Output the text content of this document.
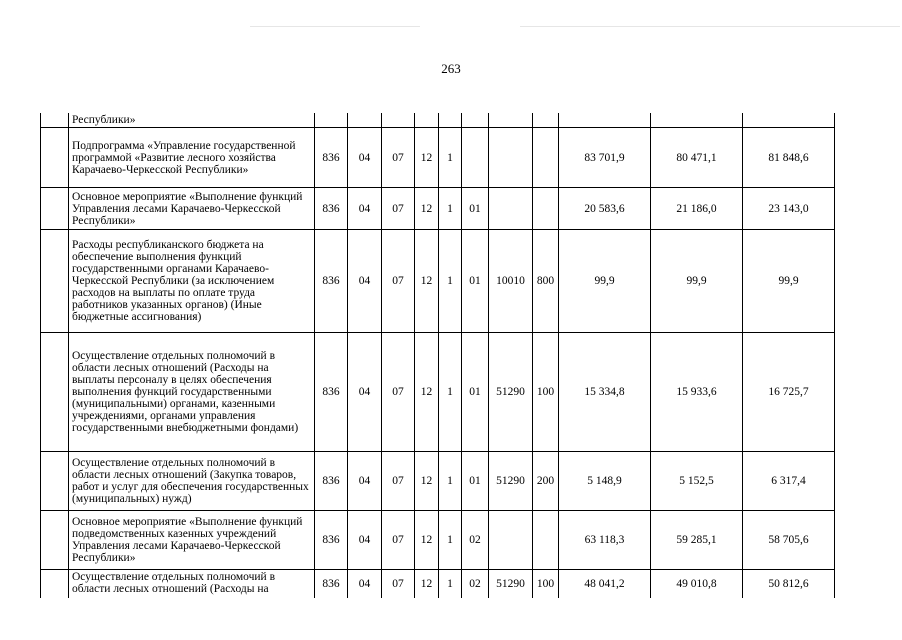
263
	Республики»											
	Подпрограмма «Управление государственной программой «Развитие лесного хозяйства Карачаево-Черкесской Республики»	836	04	07	12	1				83 701,9	80 471,1	81 848,6
	Основное мероприятие «Выполнение функций Управления лесами Карачаево-Черкесской Республики»	836	04	07	12	1	01			20 583,6	21 186,0	23 143,0
	Расходы республиканского бюджета на обеспечение выполнения функций государственными органами Карачаево-Черкесской Республики (за исключением расходов на выплаты по оплате труда работников указанных органов) (Иные бюджетные ассигнования)	836	04	07	12	1	01	10010	800	99,9	99,9	99,9
	Осуществление отдельных полномочий в области лесных отношений (Расходы на выплаты персоналу в целях обеспечения выполнения функций государственными (муниципальными) органами, казенными учреждениями, органами управления государственными внебюджетными фондами)	836	04	07	12	1	01	51290	100	15 334,8	15 933,6	16 725,7
	Осуществление отдельных полномочий в области лесных отношений (Закупка товаров, работ и услуг для обеспечения государственных (муниципальных) нужд)	836	04	07	12	1	01	51290	200	5 148,9	5 152,5	6 317,4
	Основное мероприятие «Выполнение функций подведомственных казенных учреждений Управления лесами Карачаево-Черкесской Республики»	836	04	07	12	1	02			63 118,3	59 285,1	58 705,6
	Осуществление отдельных полномочий в области лесных отношений (Расходы на	836	04	07	12	1	02	51290	100	48 041,2	49 010,8	50 812,6
